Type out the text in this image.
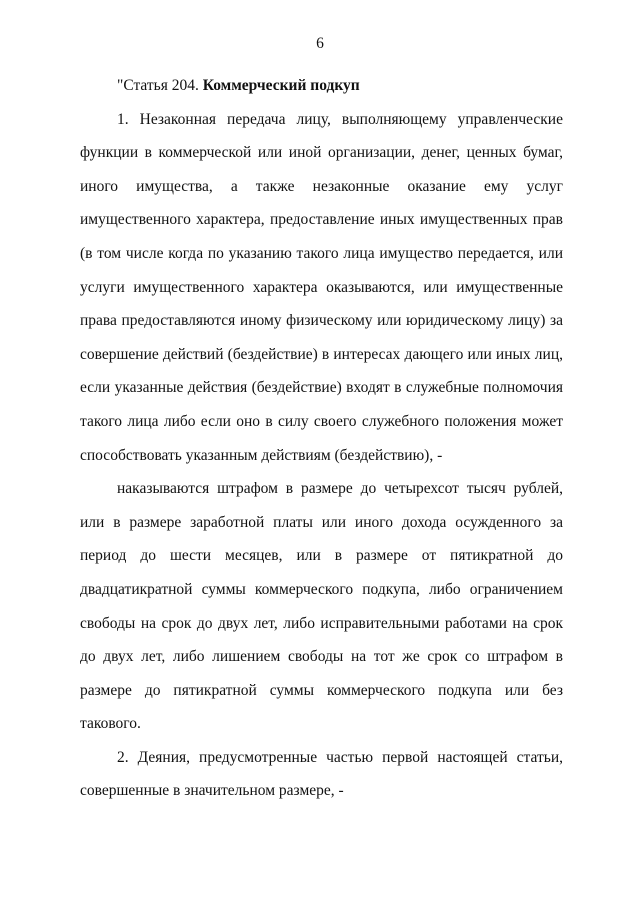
6

"Статья 204. Коммерческий подкуп

1. Незаконная передача лицу, выполняющему управленческие функции в коммерческой или иной организации, денег, ценных бумаг, иного имущества, а также незаконные оказание ему услуг имущественного характера, предоставление иных имущественных прав (в том числе когда по указанию такого лица имущество передается, или услуги имущественного характера оказываются, или имущественные права предоставляются иному физическому или юридическому лицу) за совершение действий (бездействие) в интересах дающего или иных лиц, если указанные действия (бездействие) входят в служебные полномочия такого лица либо если оно в силу своего служебного положения может способствовать указанным действиям (бездействию), -

наказываются штрафом в размере до четырехсот тысяч рублей, или в размере заработной платы или иного дохода осужденного за период до шести месяцев, или в размере от пятикратной до двадцатикратной суммы коммерческого подкупа, либо ограничением свободы на срок до двух лет, либо исправительными работами на срок до двух лет, либо лишением свободы на тот же срок со штрафом в размере до пятикратной суммы коммерческого подкупа или без такового.

2. Деяния, предусмотренные частью первой настоящей статьи, совершенные в значительном размере, -
